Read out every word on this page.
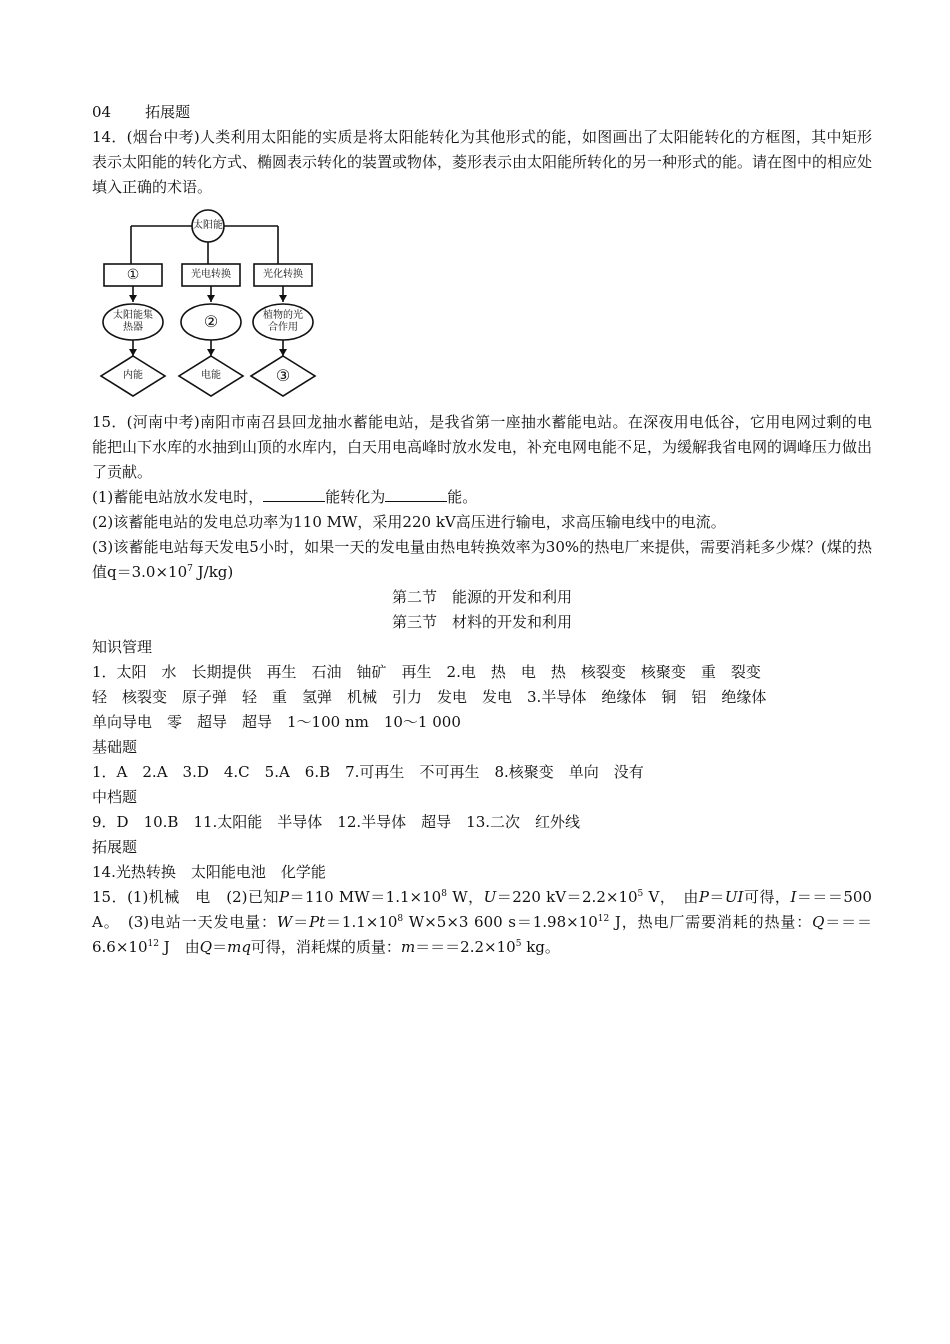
04 拓展题
14．(烟台中考)人类利用太阳能的实质是将太阳能转化为其他形式的能，如图画出了太阳能转化的方框图，其中矩形表示太阳能的转化方式、椭圆表示转化的装置或物体，菱形表示由太阳能所转化的另一种形式的能。请在图中的相应处填入正确的术语。
太阳能
①	光电转换	光化转换
太阳能集热器	②	植物的光合作用
内能	电能	③
15．(河南中考)南阳市南召县回龙抽水蓄能电站，是我省第一座抽水蓄能电站。在深夜用电低谷，它用电网过剩的电能把山下水库的水抽到山顶的水库内，白天用电高峰时放水发电，补充电网电能不足，为缓解我省电网的调峰压力做出了贡献。
(1)蓄能电站放水发电时，	能转化为	能。
(2)该蓄能电站的发电总功率为110 MW，采用220 kV高压进行输电，求高压输电线中的电流。
(3)该蓄能电站每天发电5小时，如果一天的发电量由热电转换效率为30%的热电厂来提供，需要消耗多少煤？(煤的热值$q=3.0\times 10^7$ J/kg)
第二节　能源的开发和利用
第三节　材料的开发和利用
知识管理
1．太阳　水　长期提供　再生　石油　铀矿　再生　2.电　热　电　热　核裂变　核聚变　重　裂变
轻　核裂变　原子弹　轻　重　氢弹　机械　引力　发电　发电　3.半导体　绝缘体　铜　铝　绝缘体
单向导电　零　超导　超导　1～100 nm　10～1 000
基础题
1．A　2.A　3.D　4.C　5.A　6.B　7.可再生　不可再生　8.核聚变　单向　没有
中档题
9．D　10.B　11.太阳能　半导体　12.半导体　超导　13.二次　红外线
拓展题
14.光热转换　太阳能电池　化学能
15．(1)机械　电　(2)已知P＝110 $MW=1.1\times 10^8$ W，U＝220 $kV=2.2\times 10^5$ V，　由P＝UI可得，I＝＝＝500 A。　(3)电站一天发电量：$W=Pt=1.1\times 10^8$ W×5×3 600 $s=1.98\times 10^{12}$ J，热电厂需要消耗的热量：$Q===6.6\times 10^{12}$ J　由Q＝mq可得，消耗煤的质量：$m===2.2\times 10^5$ kg。
